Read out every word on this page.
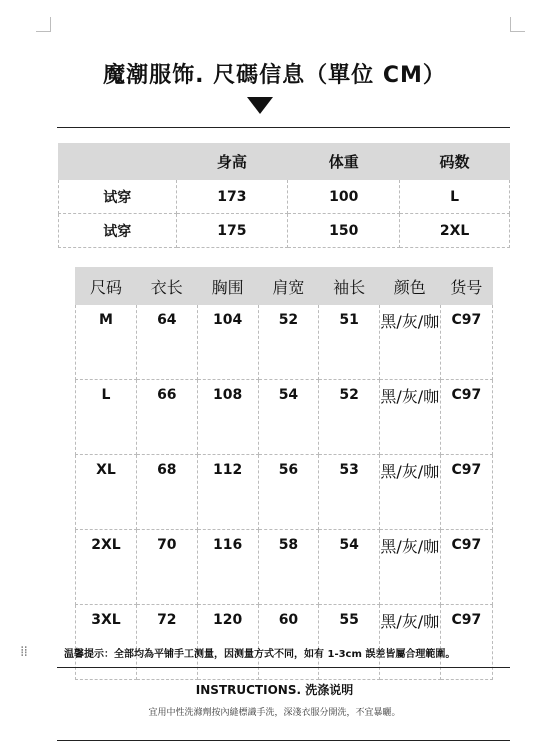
魔潮服饰. 尺碼信息（單位 CM）
	身高	体重	码数
试穿	173	100	L
试穿	175	150	2XL
尺码	衣长	胸围	肩宽	袖长	颜色	货号
M	64	104	52	51	黑/灰/咖	C97
L	66	108	54	52	黑/灰/咖	C97
XL	68	112	56	53	黑/灰/咖	C97
2XL	70	116	58	54	黑/灰/咖	C97
3XL	72	120	60	55	黑/灰/咖	C97
⁞⁞	温馨提示：全部均為平铺手工测量，因测量方式不同，如有 1-3cm 誤差皆屬合理範圍。
INSTRUCTIONS. 洗涤说明
宜用中性洗滌劑按內縫標識手洗，深淺衣服分開洗，不宜暴曬。
